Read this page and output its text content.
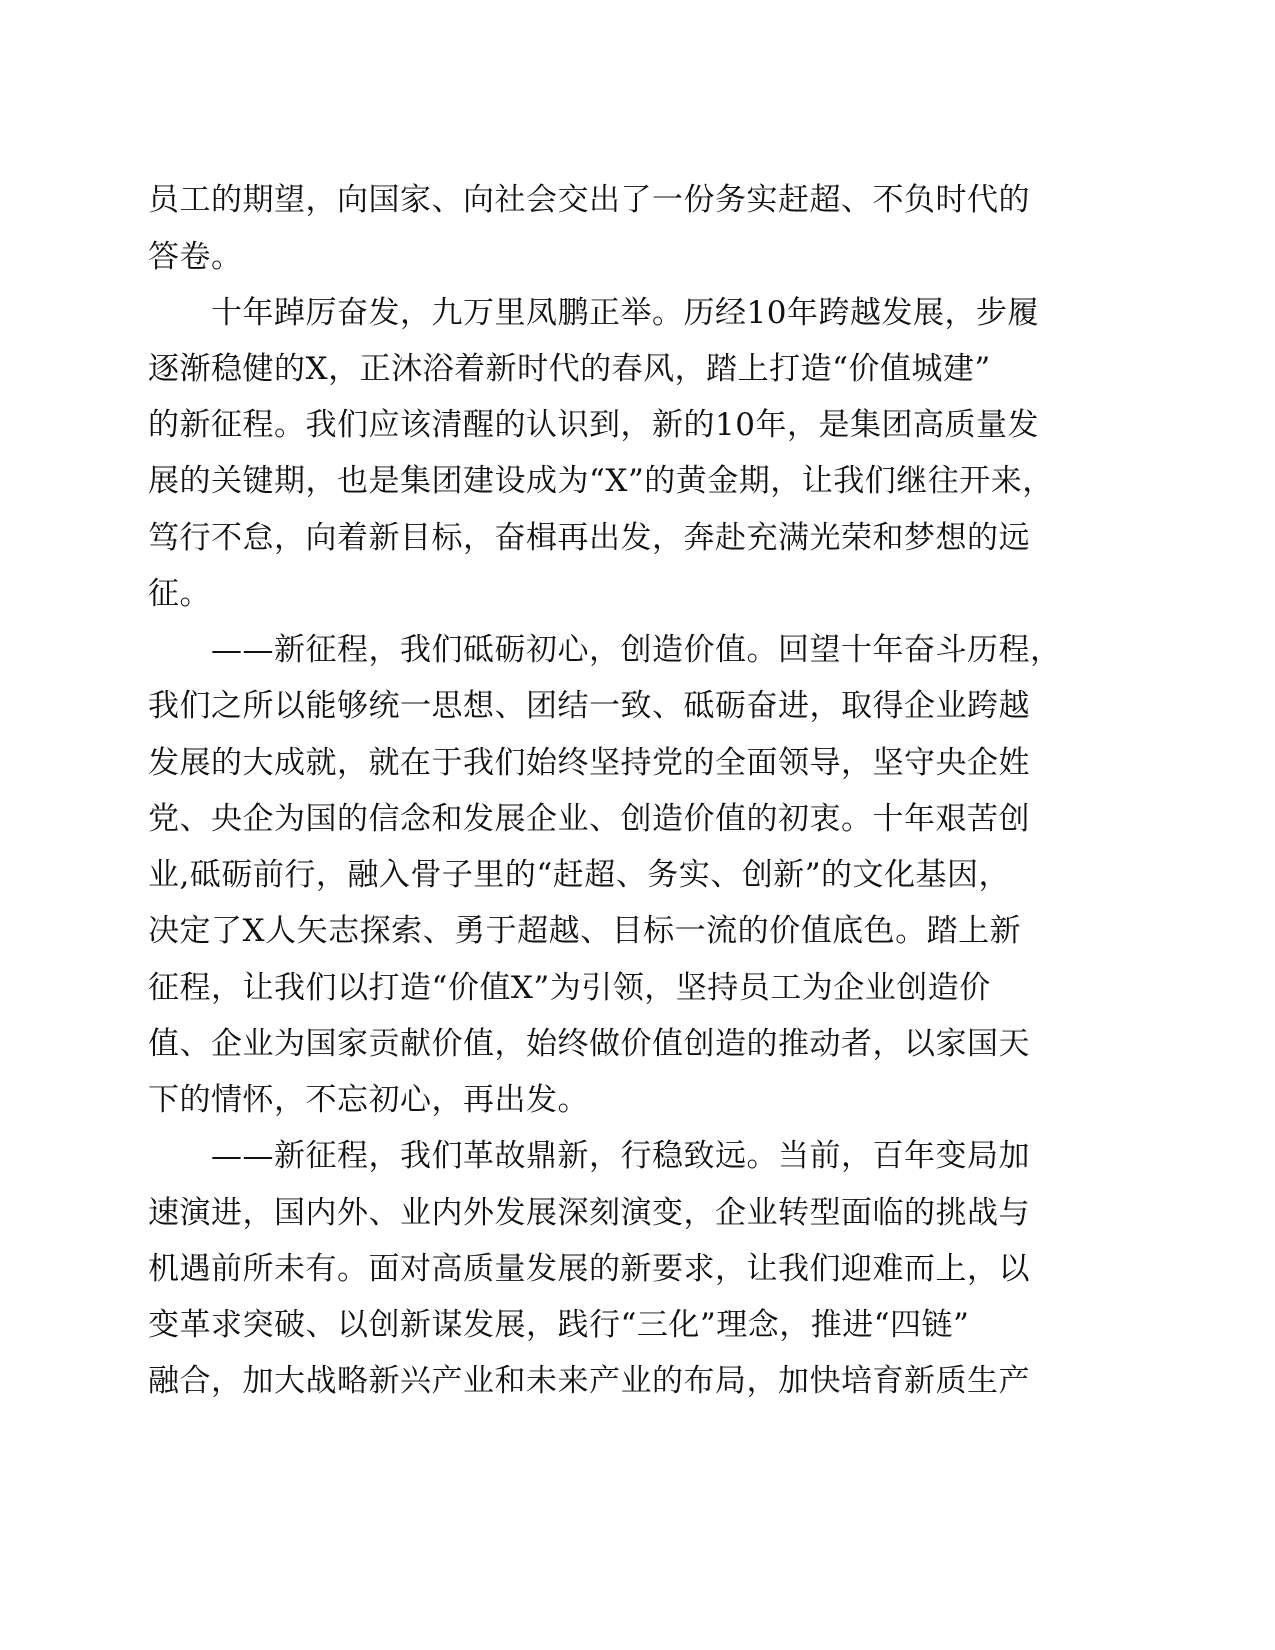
员工的期望，向国家、向社会交出了一份务实赶超、不负时代的
答卷。
十年踔厉奋发，九万里凤鹏正举。历经10年跨越发展，步履
逐渐稳健的X，正沐浴着新时代的春风，踏上打造“价值城建”
的新征程。我们应该清醒的认识到，新的10年，是集团高质量发
展的关键期，也是集团建设成为“X”的黄金期，让我们继往开来，
笃行不怠，向着新目标，奋楫再出发，奔赴充满光荣和梦想的远
征。
——新征程，我们砥砺初心，创造价值。回望十年奋斗历程，
我们之所以能够统一思想、团结一致、砥砺奋进，取得企业跨越
发展的大成就，就在于我们始终坚持党的全面领导，坚守央企姓
党、央企为国的信念和发展企业、创造价值的初衷。十年艰苦创
业,砥砺前行，融入骨子里的“赶超、务实、创新”的文化基因，
决定了X人矢志探索、勇于超越、目标一流的价值底色。踏上新
征程，让我们以打造“价值X”为引领，坚持员工为企业创造价
值、企业为国家贡献价值，始终做价值创造的推动者，以家国天
下的情怀，不忘初心，再出发。
——新征程，我们革故鼎新，行稳致远。当前，百年变局加
速演进，国内外、业内外发展深刻演变，企业转型面临的挑战与
机遇前所未有。面对高质量发展的新要求，让我们迎难而上，以
变革求突破、以创新谋发展，践行“三化”理念，推进“四链”
融合，加大战略新兴产业和未来产业的布局，加快培育新质生产
